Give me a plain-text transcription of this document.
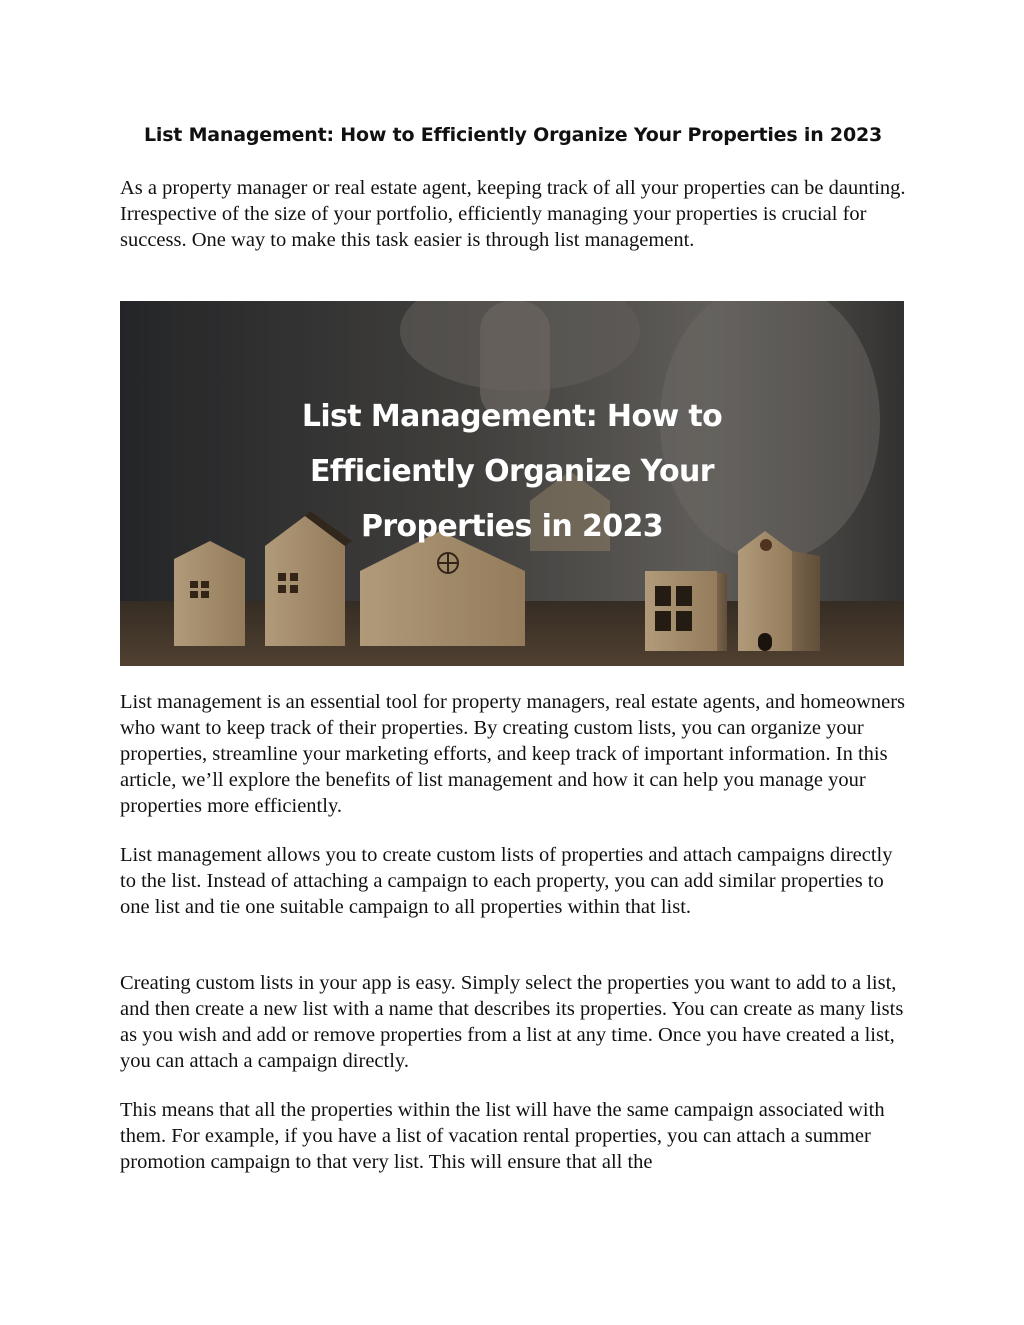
List Management: How to Efficiently Organize Your Properties in 2023

As a property manager or real estate agent, keeping track of all your properties can be daunting. Irrespective of the size of your portfolio, efficiently managing your properties is crucial for success. One way to make this task easier is through list management.

List Management: How to
Efficiently Organize Your
Properties in 2023

List management is an essential tool for property managers, real estate agents, and homeowners who want to keep track of their properties. By creating custom lists, you can organize your properties, streamline your marketing efforts, and keep track of important information. In this article, we’ll explore the benefits of list management and how it can help you manage your properties more efficiently.

List management allows you to create custom lists of properties and attach campaigns directly to the list. Instead of attaching a campaign to each property, you can add similar properties to one list and tie one suitable campaign to all properties within that list.

Creating custom lists in your app is easy. Simply select the properties you want to add to a list, and then create a new list with a name that describes its properties. You can create as many lists as you wish and add or remove properties from a list at any time. Once you have created a list, you can attach a campaign directly.

This means that all the properties within the list will have the same campaign associated with them. For example, if you have a list of vacation rental properties, you can attach a summer promotion campaign to that very list. This will ensure that all the
